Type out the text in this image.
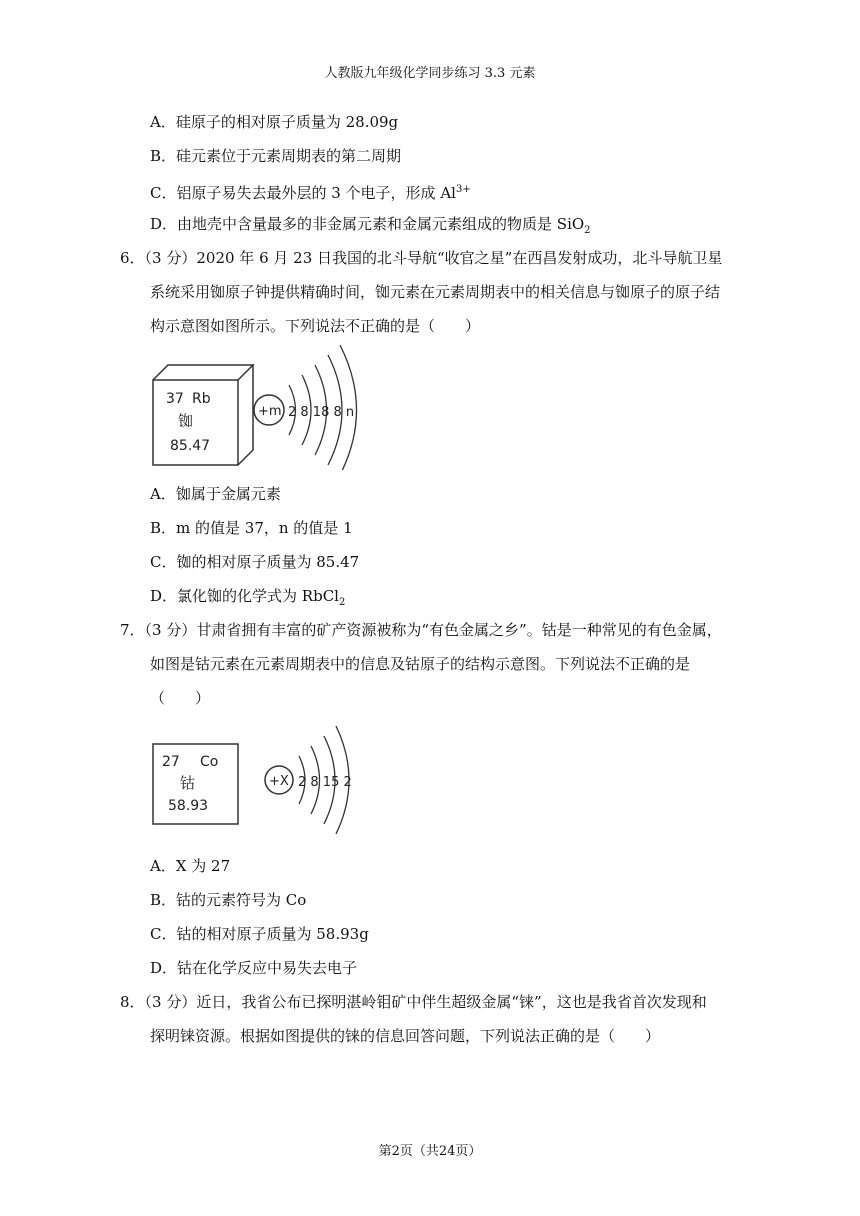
人教版九年级化学同步练习 3.3 元素
A．硅原子的相对原子质量为 28.09g
B．硅元素位于元素周期表的第二周期
C．铝原子易失去最外层的 3 个电子，形成 $Al^{3+}$
D．由地壳中含量最多的非金属元素和金属元素组成的物质是 SiO$_2$
6．（3 分）2020 年 6 月 23 日我国的北斗导航“收官之星”在西昌发射成功，北斗导航卫星
系统采用铷原子钟提供精确时间，铷元素在元素周期表中的相关信息与铷原子的原子结
构示意图如图所示。下列说法不正确的是（　　）
37 Rb
铷
85.47
+m 2 8 18 8 n
A．铷属于金属元素
B．m 的值是 37，n 的值是 1
C．铷的相对原子质量为 85.47
D．氯化铷的化学式为 RbCl$_2$
7．（3 分）甘肃省拥有丰富的矿产资源被称为“有色金属之乡”。钴是一种常见的有色金属，
如图是钴元素在元素周期表中的信息及钴原子的结构示意图。下列说法不正确的是
（　　）
27 Co
钴
58.93
+X 2 8 15 2
A．X 为 27
B．钴的元素符号为 Co
C．钴的相对原子质量为 58.93g
D．钴在化学反应中易失去电子
8．（3 分）近日，我省公布已探明湛岭钼矿中伴生超级金属“铼”，这也是我省首次发现和
探明铼资源。根据如图提供的铼的信息回答问题，下列说法正确的是（　　）
第2页（共24页）
